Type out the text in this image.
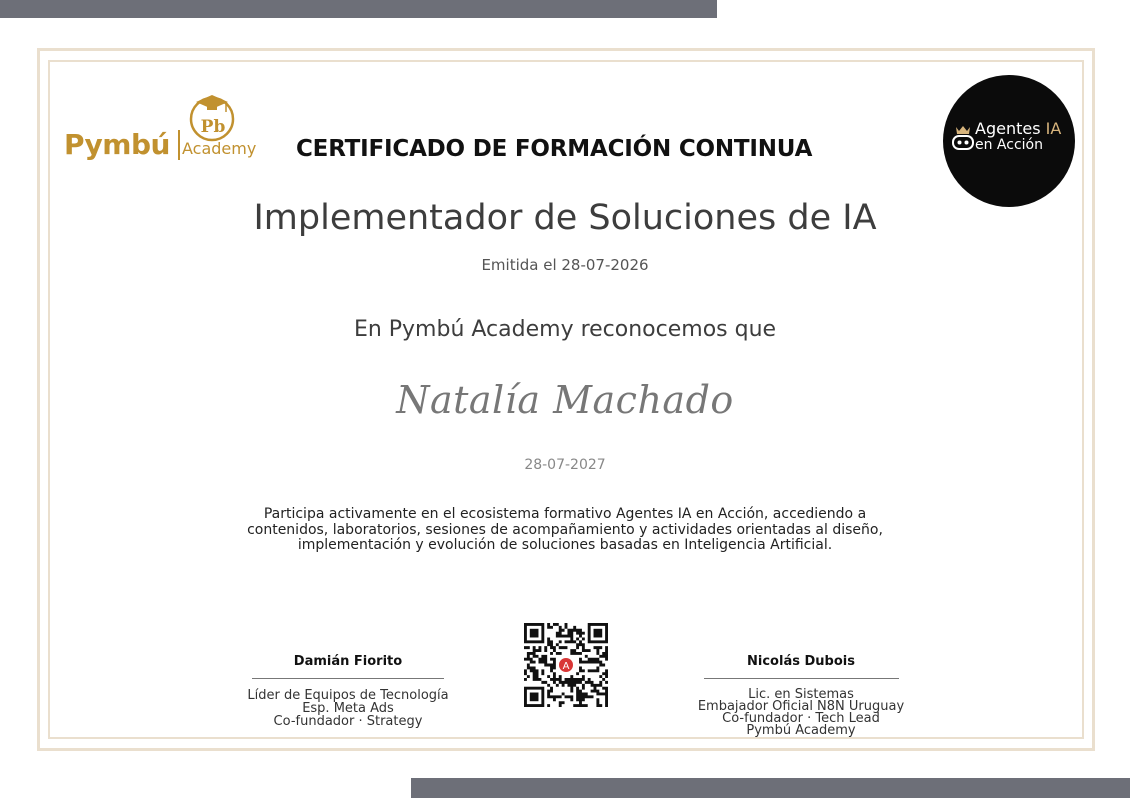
Pb
Pymbú Academy
Agentes IA
en Acción
CERTIFICADO DE FORMACIÓN CONTINUA
Implementador de Soluciones de IA
Emitida el 28-07-2026
En Pymbú Academy reconocemos que
Natalía Machado
28-07-2027
Participa activamente en el ecosistema formativo Agentes IA en Acción, accediendo a
contenidos, laboratorios, sesiones de acompañamiento y actividades orientadas al diseño,
implementación y evolución de soluciones basadas en Inteligencia Artificial.
Damián Fiorito
Líder de Equipos de Tecnología
Esp. Meta Ads
Co-fundador · Strategy
Nicolás Dubois
Lic. en Sistemas
Embajador Oficial N8N Uruguay
Co-fundador · Tech Lead
Pymbú Academy
A
